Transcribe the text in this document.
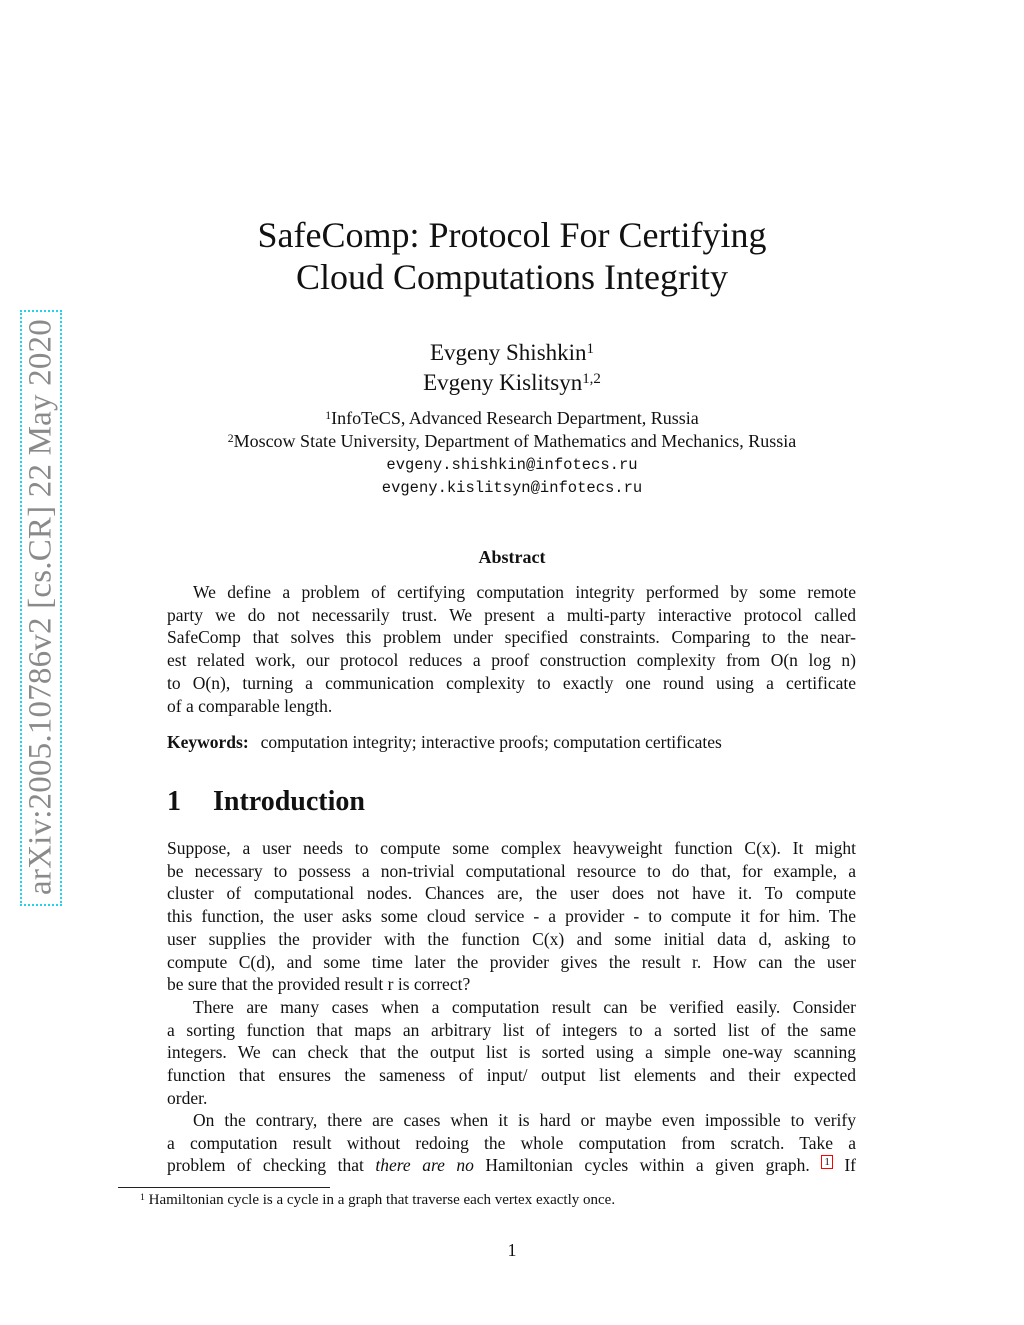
arXiv:2005.10786v2 [cs.CR] 22 May 2020
SafeComp: Protocol For Certifying
Cloud Computations Integrity
Evgeny Shishkin$^1$
Evgeny Kislitsyn$^{1,2}$
$^1$InfoTeCS, Advanced Research Department, Russia
$^2$Moscow State University, Department of Mathematics and Mechanics, Russia
evgeny.shishkin@infotecs.ru
evgeny.kislitsyn@infotecs.ru
Abstract
We define a problem of certifying computation integrity performed by some remote
party we do not necessarily trust. We present a multi-party interactive protocol called
SafeComp that solves this problem under specified constraints. Comparing to the near-
est related work, our protocol reduces a proof construction complexity from O(n log n)
to O(n), turning a communication complexity to exactly one round using a certificate
of a comparable length.
Keywords: computation integrity; interactive proofs; computation certificates
1 Introduction
Suppose, a user needs to compute some complex heavyweight function C(x). It might
be necessary to possess a non-trivial computational resource to do that, for example, a
cluster of computational nodes. Chances are, the user does not have it. To compute
this function, the user asks some cloud service - a provider - to compute it for him. The
user supplies the provider with the function C(x) and some initial data d, asking to
compute C(d), and some time later the provider gives the result r. How can the user
be sure that the provided result r is correct?
There are many cases when a computation result can be verified easily. Consider
a sorting function that maps an arbitrary list of integers to a sorted list of the same
integers. We can check that the output list is sorted using a simple one-way scanning
function that ensures the sameness of input/ output list elements and their expected
order.
On the contrary, there are cases when it is hard or maybe even impossible to verify
a computation result without redoing the whole computation from scratch. Take a
problem of checking that there are no Hamiltonian cycles within a given graph. 1 If
$^1$ Hamiltonian cycle is a cycle in a graph that traverse each vertex exactly once.
1
